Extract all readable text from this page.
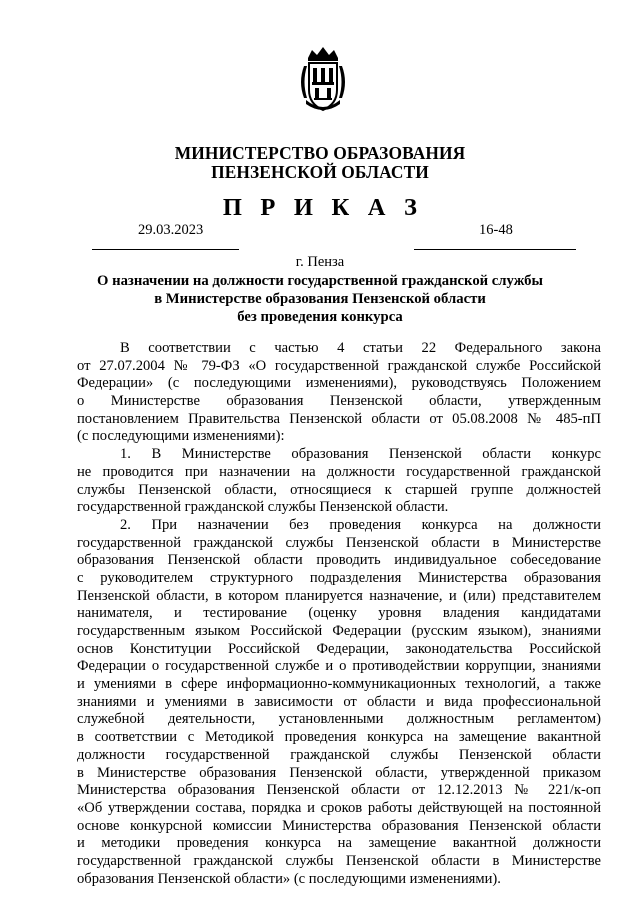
МИНИСТЕРСТВО ОБРАЗОВАНИЯ
ПЕНЗЕНСКОЙ ОБЛАСТИ
П Р И К А З
29.03.2023	16-48
г. Пенза
О назначении на должности государственной гражданской службы
в Министерстве образования Пензенской области
без проведения конкурса
В соответствии с частью 4 статьи 22 Федерального закона
от 27.07.2004 № 79-ФЗ «О государственной гражданской службе Российской
Федерации» (с последующими изменениями), руководствуясь Положением
о Министерстве образования Пензенской области, утвержденным
постановлением Правительства Пензенской области от 05.08.2008 № 485-пП
(с последующими изменениями):
1. В Министерстве образования Пензенской области конкурс
не проводится при назначении на должности государственной гражданской
службы Пензенской области, относящиеся к старшей группе должностей
государственной гражданской службы Пензенской области.
2. При назначении без проведения конкурса на должности
государственной гражданской службы Пензенской области в Министерстве
образования Пензенской области проводить индивидуальное собеседование
с руководителем структурного подразделения Министерства образования
Пензенской области, в котором планируется назначение, и (или) представителем
нанимателя, и тестирование (оценку уровня владения кандидатами
государственным языком Российской Федерации (русским языком), знаниями
основ Конституции Российской Федерации, законодательства Российской
Федерации о государственной службе и о противодействии коррупции, знаниями
и умениями в сфере информационно-коммуникационных технологий, а также
знаниями и умениями в зависимости от области и вида профессиональной
служебной деятельности, установленными должностным регламентом)
в соответствии с Методикой проведения конкурса на замещение вакантной
должности государственной гражданской службы Пензенской области
в Министерстве образования Пензенской области, утвержденной приказом
Министерства образования Пензенской области от 12.12.2013 № 221/к-оп
«Об утверждении состава, порядка и сроков работы действующей на постоянной
основе конкурсной комиссии Министерства образования Пензенской области
и методики проведения конкурса на замещение вакантной должности
государственной гражданской службы Пензенской области в Министерстве
образования Пензенской области» (с последующими изменениями).
